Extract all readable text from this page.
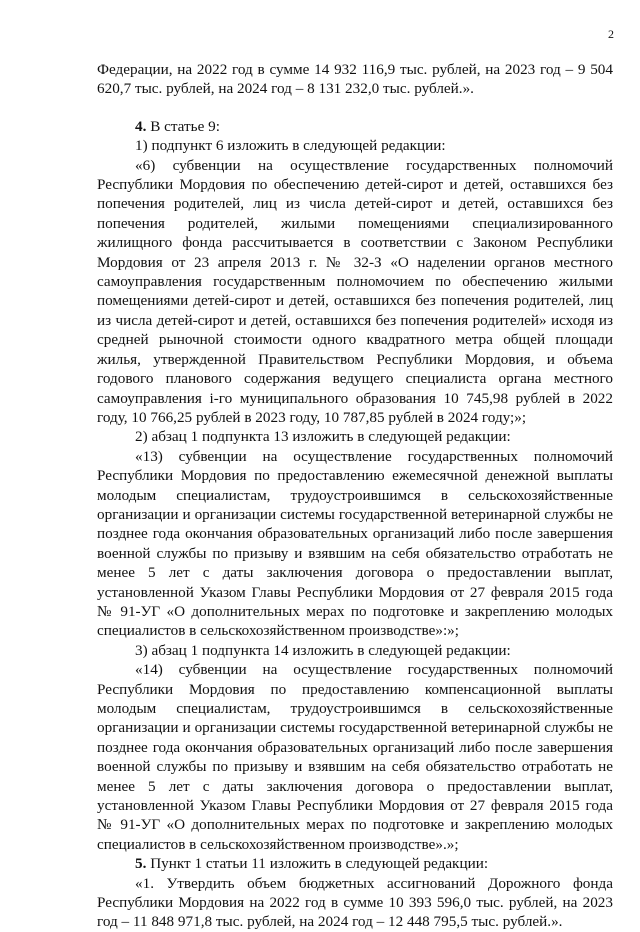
2

Федерации, на 2022 год в сумме 14 932 116,9 тыс. рублей, на 2023 год – 9 504 620,7 тыс. рублей, на 2024 год – 8 131 232,0 тыс. рублей.».

4. В статье 9:

1) подпункт 6 изложить в следующей редакции:

«6) субвенции на осуществление государственных полномочий Республики Мордовия по обеспечению детей-сирот и детей, оставшихся без попечения родителей, лиц из числа детей-сирот и детей, оставшихся без попечения родителей, жилыми помещениями специализированного жилищного фонда рассчитывается в соответствии с Законом Республики Мордовия от 23 апреля 2013 г. № 32-З «О наделении органов местного самоуправления государственным полномочием по обеспечению жилыми помещениями детей-сирот и детей, оставшихся без попечения родителей, лиц из числа детей-сирот и детей, оставшихся без попечения родителей» исходя из средней рыночной стоимости одного квадратного метра общей площади жилья, утвержденной Правительством Республики Мордовия, и объема годового планового содержания ведущего специалиста органа местного самоуправления i-го муниципального образования 10 745,98 рублей в 2022 году, 10 766,25 рублей в 2023 году, 10 787,85 рублей в 2024 году;»;

2) абзац 1 подпункта 13 изложить в следующей редакции:

«13) субвенции на осуществление государственных полномочий Республики Мордовия по предоставлению ежемесячной денежной выплаты молодым специалистам, трудоустроившимся в сельскохозяйственные организации и организации системы государственной ветеринарной службы не позднее года окончания образовательных организаций либо после завершения военной службы по призыву и взявшим на себя обязательство отработать не менее 5 лет с даты заключения договора о предоставлении выплат, установленной Указом Главы Республики Мордовия от 27 февраля 2015 года № 91-УГ «О дополнительных мерах по подготовке и закреплению молодых специалистов в сельскохозяйственном производстве»:»;

3) абзац 1 подпункта 14 изложить в следующей редакции:

«14) субвенции на осуществление государственных полномочий Республики Мордовия по предоставлению компенсационной выплаты молодым специалистам, трудоустроившимся в сельскохозяйственные организации и организации системы государственной ветеринарной службы не позднее года окончания образовательных организаций либо после завершения военной службы по призыву и взявшим на себя обязательство отработать не менее 5 лет с даты заключения договора о предоставлении выплат, установленной Указом Главы Республики Мордовия от 27 февраля 2015 года № 91-УГ «О дополнительных мерах по подготовке и закреплению молодых специалистов в сельскохозяйственном производстве».»;

5. Пункт 1 статьи 11 изложить в следующей редакции:

«1. Утвердить объем бюджетных ассигнований Дорожного фонда Республики Мордовия на 2022 год в сумме 10 393 596,0 тыс. рублей, на 2023 год – 11 848 971,8 тыс. рублей, на 2024 год – 12 448 795,5 тыс. рублей.».
